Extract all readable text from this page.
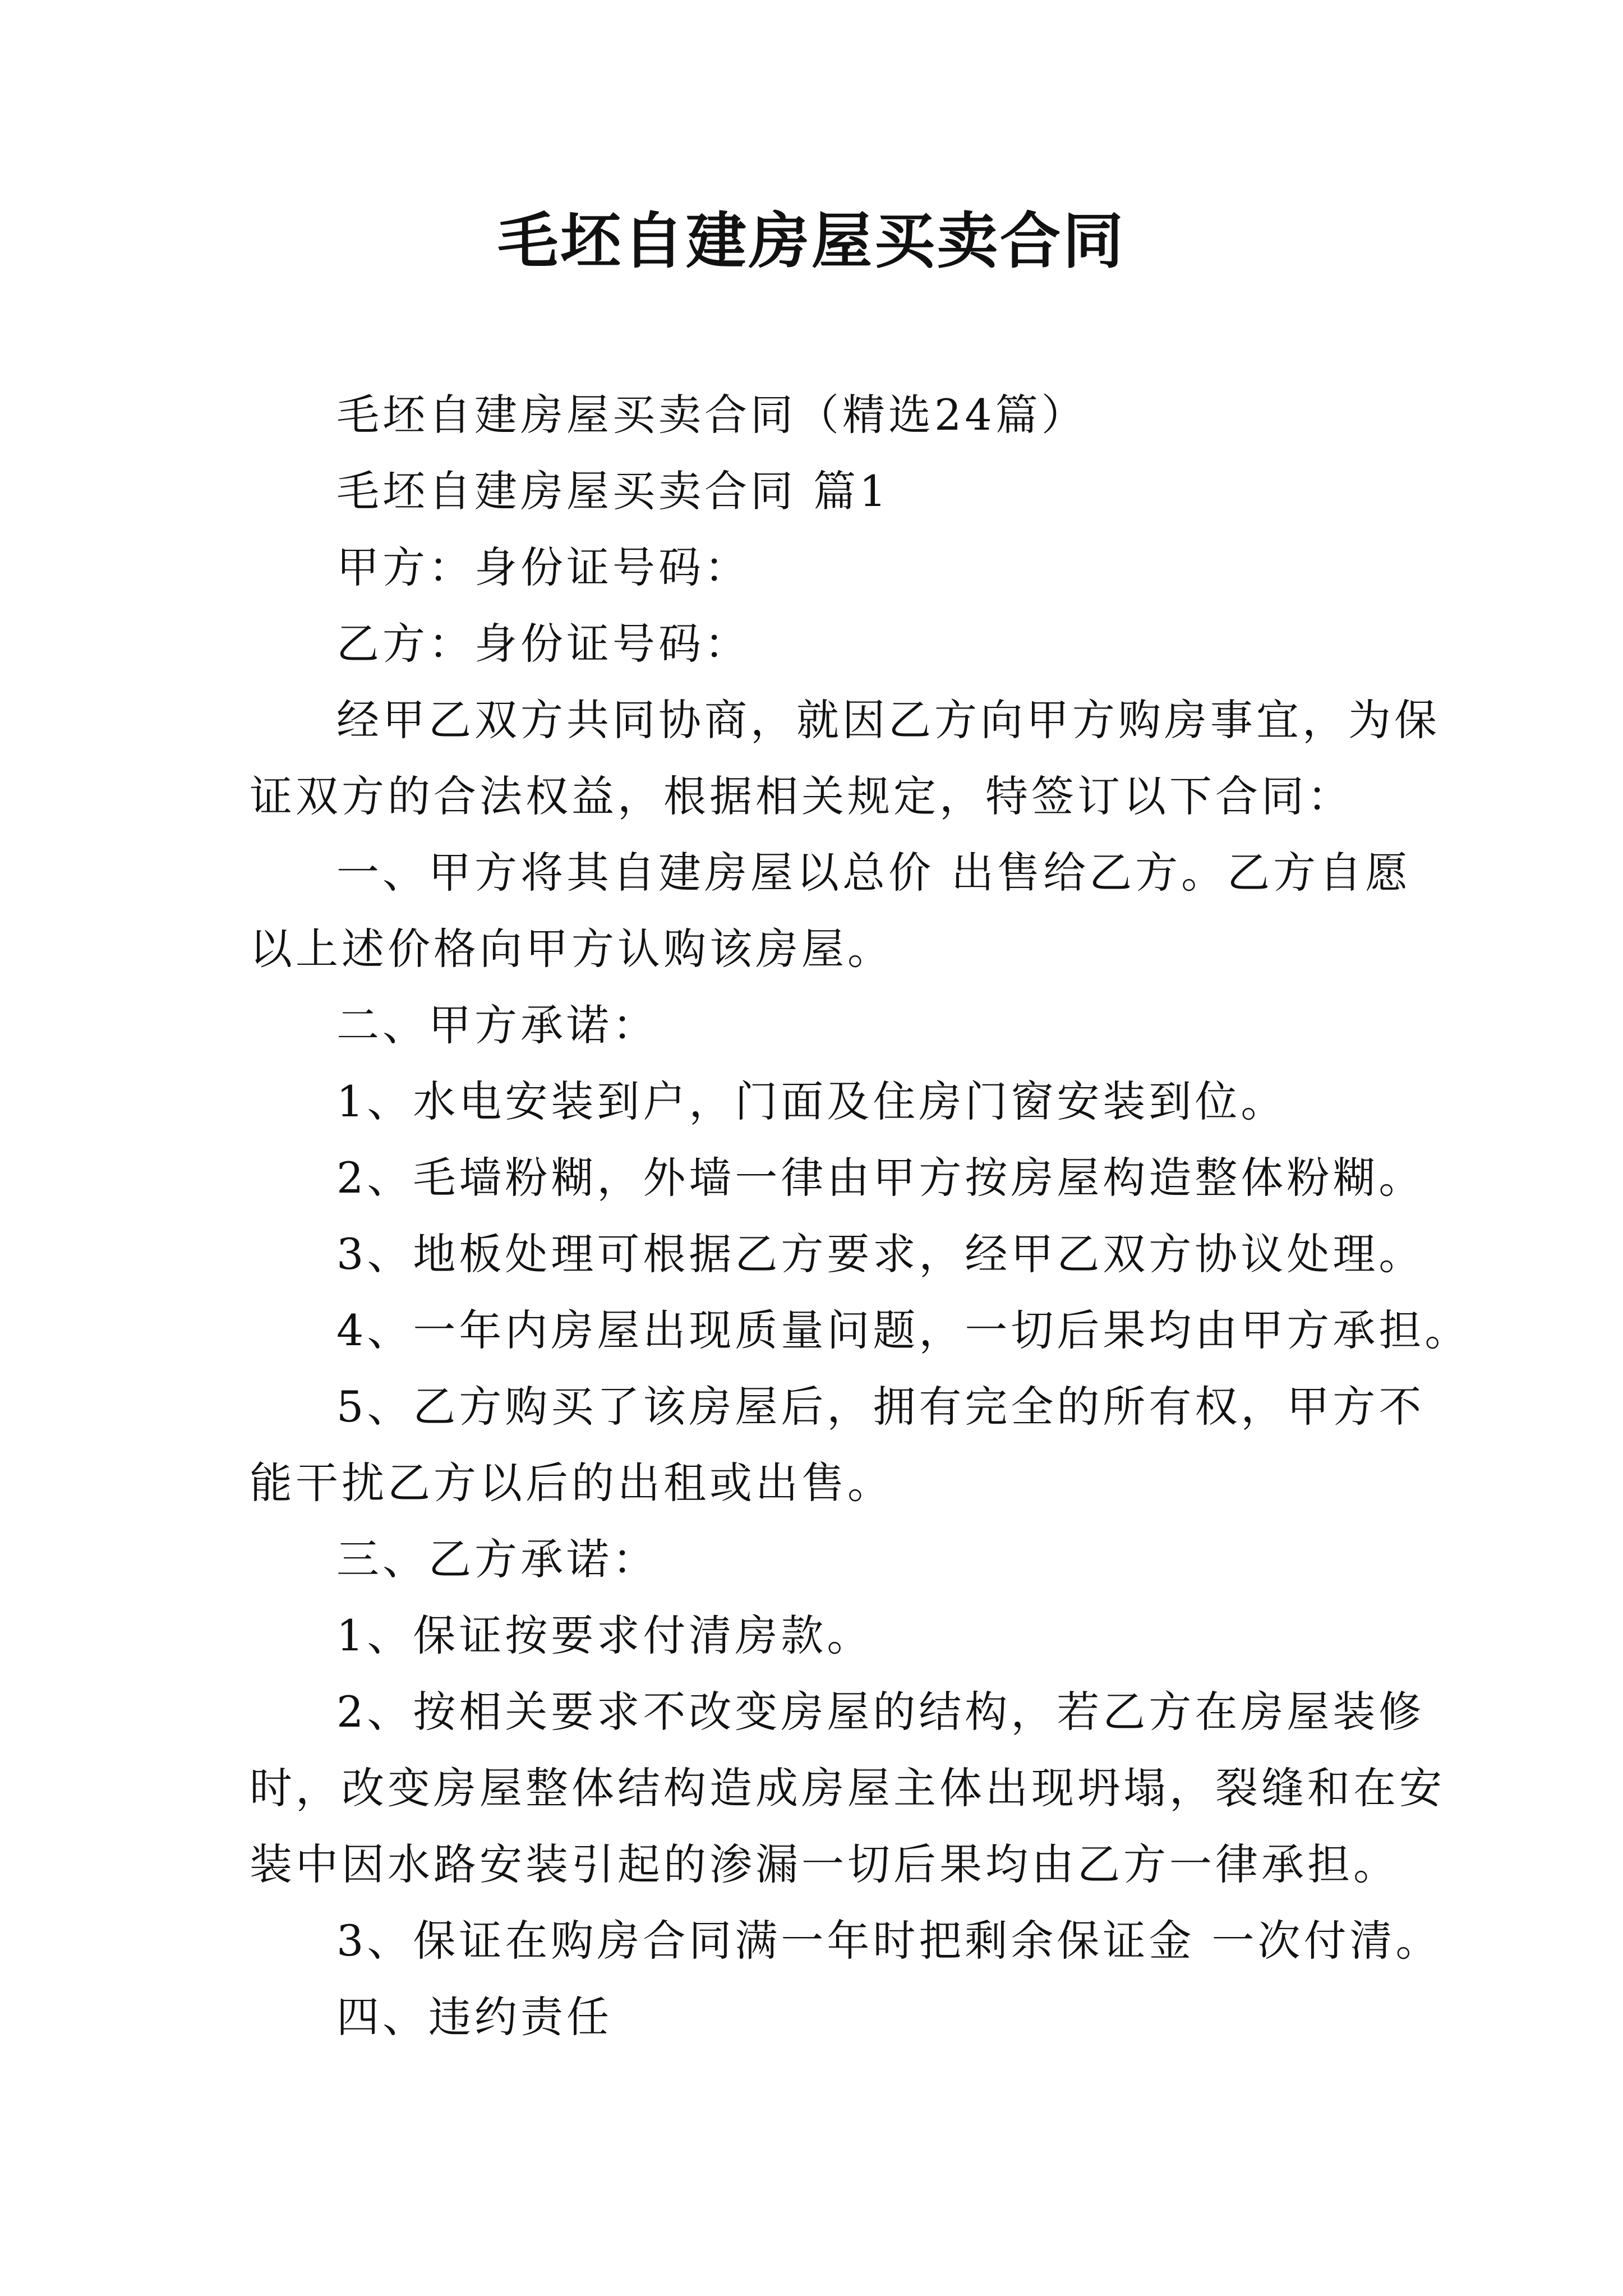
毛坯自建房屋买卖合同
毛坯自建房屋买卖合同（精选24篇）
毛坯自建房屋买卖合同 篇1
甲方：身份证号码：
乙方：身份证号码：
经甲乙双方共同协商，就因乙方向甲方购房事宜，为保
证双方的合法权益，根据相关规定，特签订以下合同：
一、甲方将其自建房屋以总价 出售给乙方。乙方自愿
以上述价格向甲方认购该房屋。
二、甲方承诺：
1、水电安装到户，门面及住房门窗安装到位。
2、毛墙粉糊，外墙一律由甲方按房屋构造整体粉糊。
3、地板处理可根据乙方要求，经甲乙双方协议处理。
4、一年内房屋出现质量问题，一切后果均由甲方承担。
5、乙方购买了该房屋后，拥有完全的所有权，甲方不
能干扰乙方以后的出租或出售。
三、乙方承诺：
1、保证按要求付清房款。
2、按相关要求不改变房屋的结构，若乙方在房屋装修
时，改变房屋整体结构造成房屋主体出现坍塌，裂缝和在安
装中因水路安装引起的渗漏一切后果均由乙方一律承担。
3、保证在购房合同满一年时把剩余保证金 一次付清。
四、违约责任
